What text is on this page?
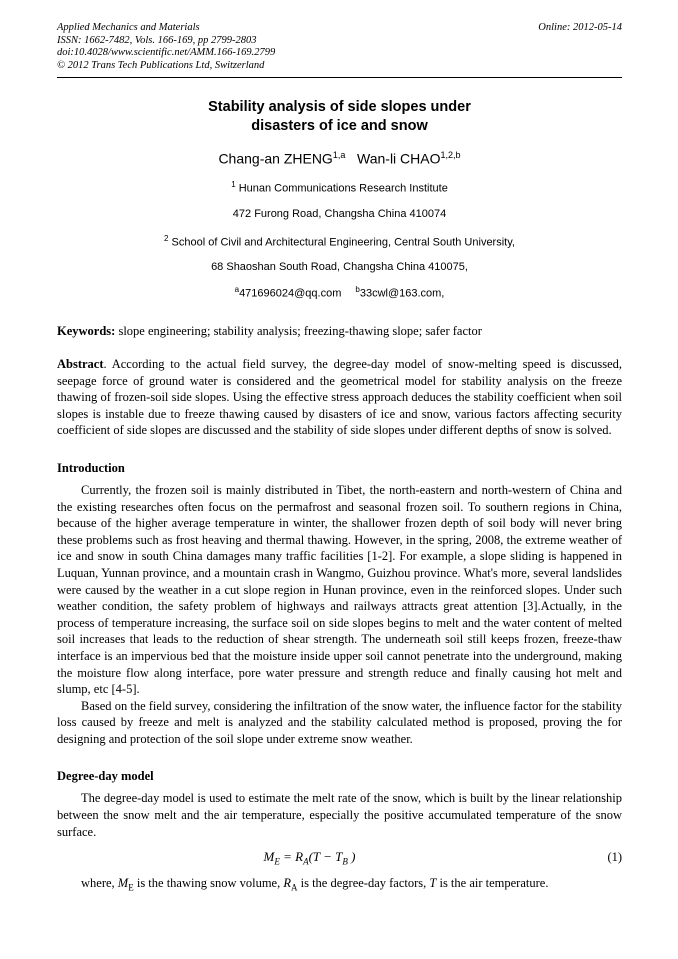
Applied Mechanics and Materials	Online: 2012-05-14
ISSN: 1662-7482, Vols. 166-169, pp 2799-2803
doi:10.4028/www.scientific.net/AMM.166-169.2799
© 2012 Trans Tech Publications Ltd, Switzerland
Stability analysis of side slopes under
disasters of ice and snow
Chang-an ZHENG$^{1,a}$ Wan-li CHAO$^{1,2,b}$
$^1$ Hunan Communications Research Institute
472 Furong Road, Changsha China 410074
$^2$ School of Civil and Architectural Engineering, Central South University,
68 Shaoshan South Road, Changsha China 410075,
$^a$471696024@qq.com $^b$33cwl@163.com,
Keywords: slope engineering; stability analysis; freezing-thawing slope; safer factor
Abstract. According to the actual field survey, the degree-day model of snow-melting speed is discussed, seepage force of ground water is considered and the geometrical model for stability analysis on the freeze thawing of frozen-soil side slopes. Using the effective stress approach deduces the stability coefficient when soil slopes is instable due to freeze thawing caused by disasters of ice and snow, various factors affecting security coefficient of side slopes are discussed and the stability of side slopes under different depths of snow is solved.
Introduction
Currently, the frozen soil is mainly distributed in Tibet, the north-eastern and north-western of China and the existing researches often focus on the permafrost and seasonal frozen soil. To southern regions in China, because of the higher average temperature in winter, the shallower frozen depth of soil body will never bring these problems such as frost heaving and thermal thawing. However, in the spring, 2008, the extreme weather of ice and snow in south China damages many traffic facilities [1-2]. For example, a slope sliding is happened in Luquan, Yunnan province, and a mountain crash in Wangmo, Guizhou province. What's more, several landslides were caused by the weather in a cut slope region in Hunan province, even in the reinforced slopes. Under such weather condition, the safety problem of highways and railways attracts great attention [3].Actually, in the process of temperature increasing, the surface soil on side slopes begins to melt and the water content of melted soil increases that leads to the reduction of shear strength. The underneath soil still keeps frozen, freeze-thaw interface is an impervious bed that the moisture inside upper soil cannot penetrate into the underground, making the moisture flow along interface, pore water pressure and strength reduce and finally causing hot melt and slump, etc [4-5].
Based on the field survey, considering the infiltration of the snow water, the influence factor for the stability loss caused by freeze and melt is analyzed and the stability calculated method is proposed, proving the for designing and protection of the soil slope under extreme snow weather.
Degree-day model
The degree-day model is used to estimate the melt rate of the snow, which is built by the linear relationship between the snow melt and the air temperature, especially the positive accumulated temperature of the snow surface.
$M_E = R_A(T - T_B$ )	(1)
where, $M_E$ is the thawing snow volume, $R_A$ is the degree-day factors, T is the air temperature.
